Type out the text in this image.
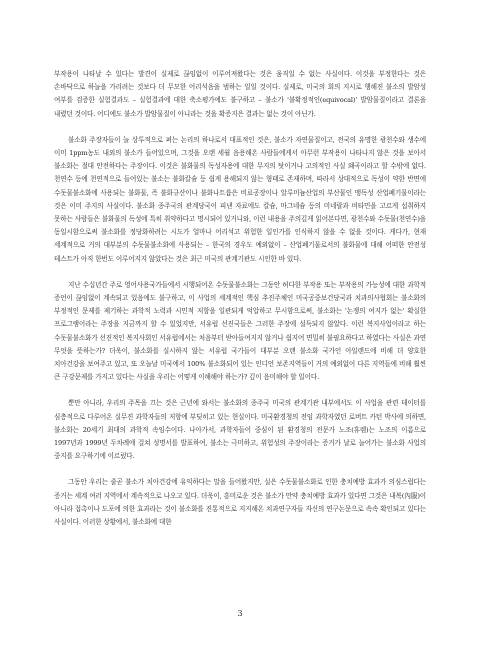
부작용이 나타날 수 있다는 발견이 실제로 끊임없이 이루어져왔다는 것은 움직일 수 없는 사실이다. 이것을 부정한다는 것은 손바닥으로 하늘을 가리려는 것보다 더 무모한 어리석음을 범하는 일일 것이다. 실제로, 미국의 회의 지시로 행해진 불소의 발암성 여부를 검증한 실험결과도 – 실험결과에 대한 축소평가에도 불구하고 – 불소가 '불확정적인(equivocal)' 발암물질이라고 결론을 내렸던 것이다. 어디에도 불소가 발암물질이 아니라는 것을 확증지은 결과는 없는 것이 아닌가.

불소화 주장자들이 늘 상투적으로 펴는 논리의 하나로서 대표적인 것은, 불소가 자연물질이고, 전국의 유명한 광천수와 생수에 이미 1ppm농도 내외의 불소가 들어있으며, 그것을 오랜 세월 음용해온 사람들에게서 아무런 부작용이 나타나지 않은 것을 보아서 불소화는 절대 안전하다는 주장이다. 이것은 불화물의 독성자용에 대한 무지의 탓이거나 고의적인 사실 왜곡이라고 할 수밖에 없다. 천연수 등에 천연적으로 들어있는 불소는 불화칼슘 등 쉽게 용해되지 않는 형태로 존재하며, 따라서 상대적으로 독성이 약한 반면에 수돗물불소화에 사용되는 불화물, 즉 불화규산이나 불화나트륨은 비료공장이나 알루미늄산업의 부산물인 맹독성 산업폐기물이라는 것은 이미 주지의 사실이다. 불소화 종주국의 관계당국이 피낸 자료에도 칼슘, 마그네슘 등의 미네랄과 비타민을 고르게 섭취하지 못하는 사람들은 불화물의 독성에 특히 취약하다고 명시되어 있거니와, 이런 내용을 주의깊게 읽어본다면, 광천수와 수돗물(천연수)을 동일시함으로써 불소화를 정당화하려는 시도가 얼마나 어리석고 위험한 일인가를 인식하지 않을 수 없을 것이다. 게다가, 현재 세계적으로 거의 대부분의 수돗물불소화에 사용되는 – 한국의 경우도 예외없이 – 산업폐기물로서의 불화물에 대해 어떠한 안전성 테스트가 아직 한번도 이루어지지 않았다는 것은 최근 미국의 관계기관도 시인한 바 있다.

지난 수십년간 주로 영어사용국가들에서 시행되어온 수돗물불소화는 그동안 허다한 부작용 또는 부작용의 가능성에 대한 과학적 증언이 끊임없이 계속되고 있음에도 불구하고, 이 사업의 세계적인 핵심 추진주체인 미국공중보건당국과 치과의사협회는 불소화의 부정적인 문제를 제기하는 과학적 노력과 시민적 저항을 일관되게 억압하고 무시함으로써, 불소화는 '논쟁의 여지가 없는' 확실한 프로그램이라는 주장을 지금까지 할 수 있었지만, 서유럽 선진국들은 그러한 주장에 설득되지 않았다. 이런 복지사업이라고 하는 수돗물불소화가 선진적인 복지사회인 서유럽에서는 처음부터 받아들여지지 않거나 쉽지어 면밀히 불필요하다고 하였다는 사실은 과연 무엇을 뜻하는가? 더욱이, 불소화를 실시하지 않는 서유럽 국가들이 대부분 오랜 불소화 국가인 아일랜드에 비해 더 양호한 치아건강을 보여주고 있고, 또 오늘날 미국에서 100% 불소화되어 있는 인디언 보존지역들이 거의 예외없이 다른 지역들에 비해 훨씬 큰 구강문제를 가지고 있다는 사실을 우리는 어떻게 이해해야 하는가? 깊이 음미해야 할 일이다.

뿐만 아니라, 우리의 주목을 끄는 것은 근년에 와서는 불소화의 종주국 미국의 관계기관 내부에서도 이 사업을 관련 데이터를 심층적으로 다루어온 실무진 과학자들의 저항에 부딪히고 있는 현실이다. 미국환경청의 전임 과학자였던 로버트 카턴 박사에 의하면, 불소화는 20세기 최대의 과학적 속임수이다. 나아가서, 과학자들이 중심이 된 환경청의 전문가 노조(휴렘)는 노조의 이름으로 1997년과 1999년 두차례에 걸쳐 성명서를 발표하여, 불소는 극미하고, 위험성의 주장이라는 증거가 날로 늘어가는 불소화 사업의 중지를 요구하기에 이르렀다.

그동안 우리는 줄곧 불소가 치아건강에 유익하다는 말을 들어왔지만, 실은 수돗물불소화로 인한 충치예방 효과가 의심스럽다는 증거는 세계 여러 지역에서 계속적으로 나오고 있다. 더욱이, 흥미로운 것은 불소가 만약 충치예방 효과가 있다면 그것은 내복(內服)이 아니라 접촉이나 도포에 의한 효과라는 것이 불소화를 진통적으로 지지해온 치과연구자들 자신의 연구논문으로 속속 확인되고 있다는 사실이다. 이러한 상황에서, 불소화에 대한

3
